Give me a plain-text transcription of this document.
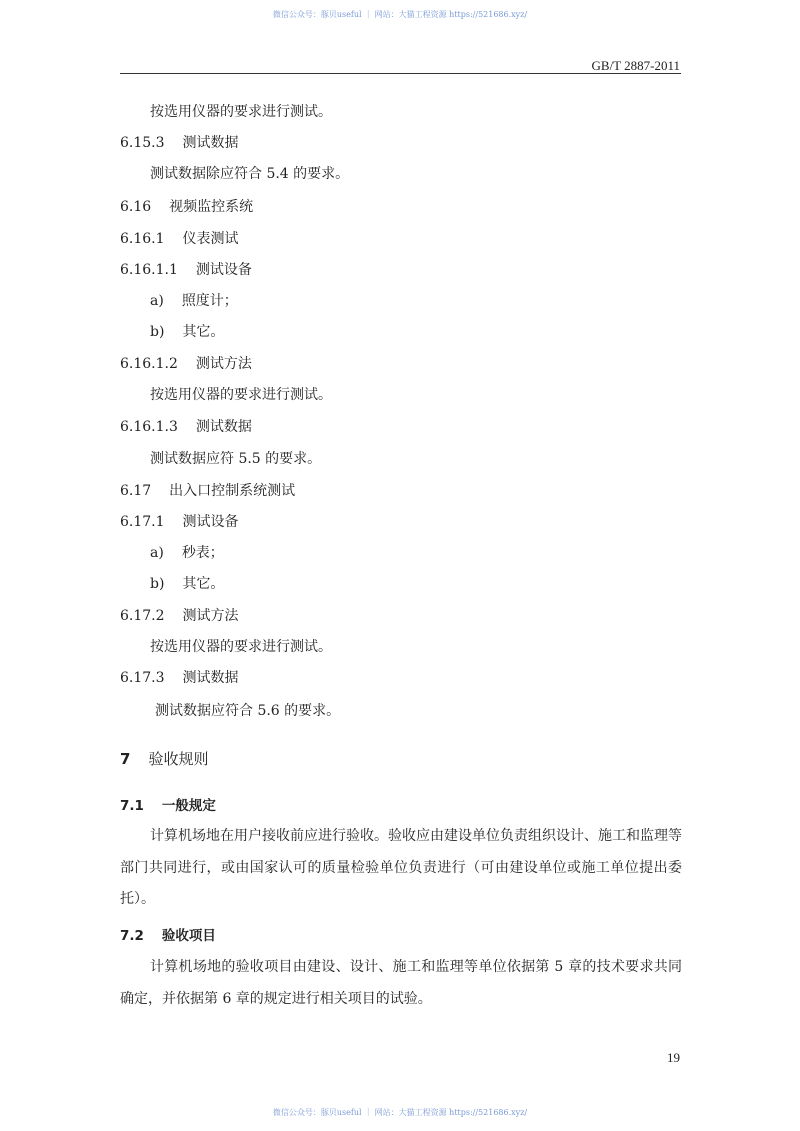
微信公众号：豚贝useful ｜ 网站：大猫工程资源 https://521686.xyz/
GB/T 2887-2011
按选用仪器的要求进行测试。
6.15.3 测试数据
测试数据除应符合 5.4 的要求。
6.16 视频监控系统
6.16.1 仪表测试
6.16.1.1 测试设备
a) 照度计；
b) 其它。
6.16.1.2 测试方法
按选用仪器的要求进行测试。
6.16.1.3 测试数据
测试数据应符 5.5 的要求。
6.17 出入口控制系统测试
6.17.1 测试设备
a) 秒表；
b) 其它。
6.17.2 测试方法
按选用仪器的要求进行测试。
6.17.3 测试数据
测试数据应符合 5.6 的要求。
7 验收规则
7.1 一般规定
计算机场地在用户接收前应进行验收。验收应由建设单位负责组织设计、施工和监理等部门共同进行，或由国家认可的质量检验单位负责进行（可由建设单位或施工单位提出委托）。
7.2 验收项目
计算机场地的验收项目由建设、设计、施工和监理等单位依据第 5 章的技术要求共同确定，并依据第 6 章的规定进行相关项目的试验。
19
微信公众号：豚贝useful ｜ 网站：大猫工程资源 https://521686.xyz/
